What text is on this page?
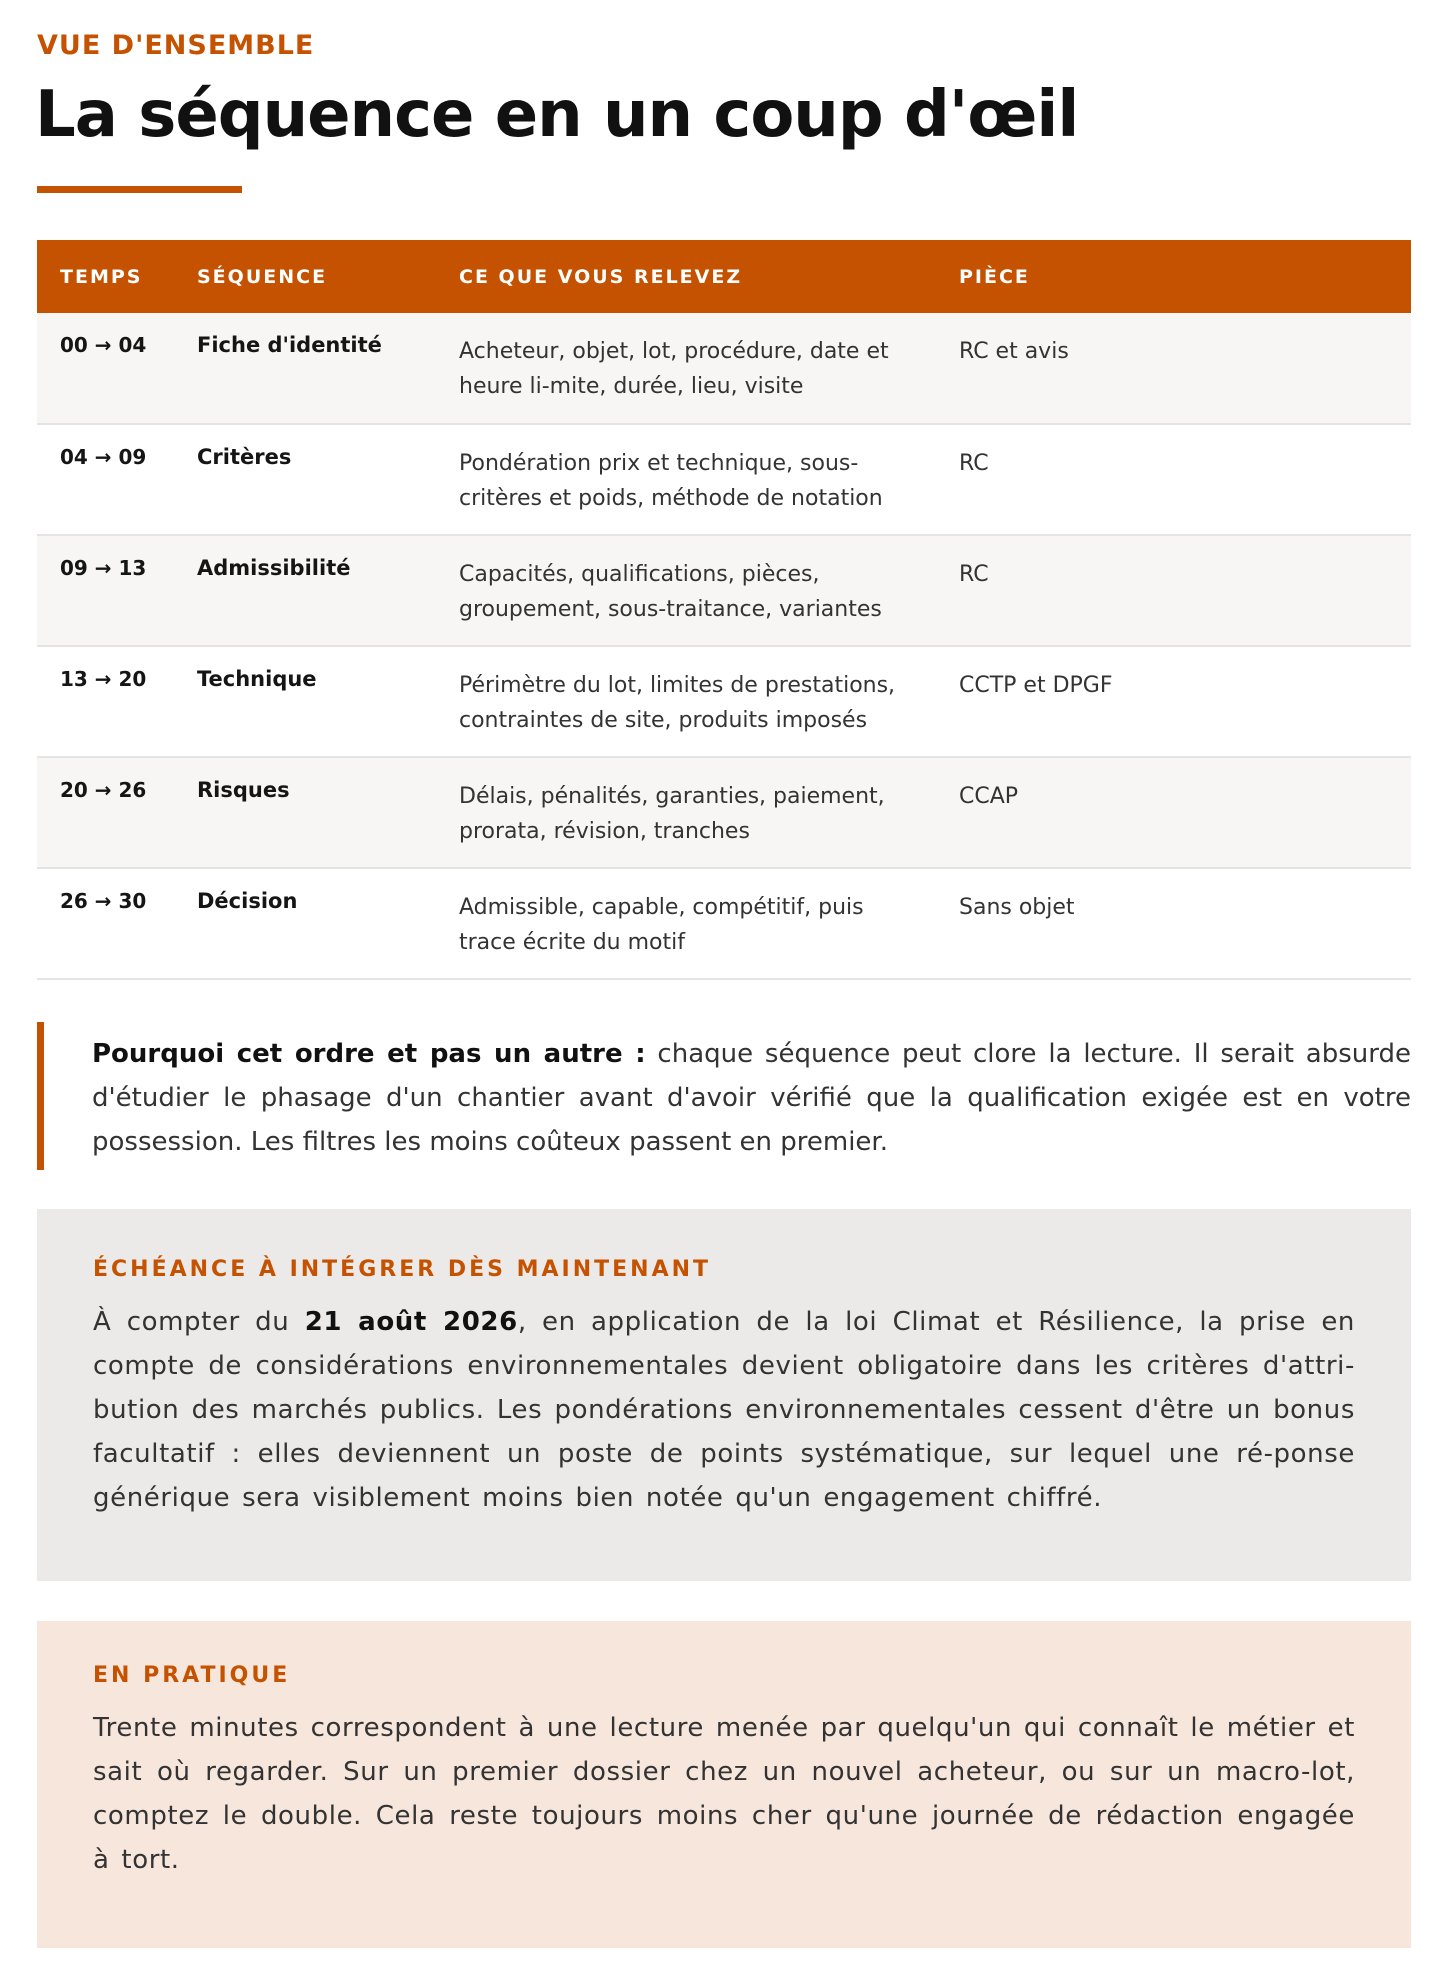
VUE D'ENSEMBLE
La séquence en un coup d'œil
TEMPS	SÉQUENCE	CE QUE VOUS RELEVEZ	PIÈCE

00 → 04	Fiche d'identité	Acheteur, objet, lot, procédure, date et heure li-mite, durée, lieu, visite	RC et avis

04 → 09	Critères	Pondération prix et technique, sous-critères et poids, méthode de notation	RC

09 → 13	Admissibilité	Capacités, qualifications, pièces, groupement, sous-traitance, variantes	RC

13 → 20	Technique	Périmètre du lot, limites de prestations, contraintes de site, produits imposés	CCTP et DPGF

20 → 26	Risques	Délais, pénalités, garanties, paiement, prorata, révision, tranches	CCAP

26 → 30	Décision	Admissible, capable, compétitif, puis trace écrite du motif	Sans objet
Pourquoi cet ordre et pas un autre : chaque séquence peut clore la lecture. Il serait absurde d'étudier le phasage d'un chantier avant d'avoir vérifié que la qualification exigée est en votre possession. Les filtres les moins coûteux passent en premier.
ÉCHÉANCE À INTÉGRER DÈS MAINTENANT
À compter du 21 août 2026, en application de la loi Climat et Résilience, la prise en compte de considérations environnementales devient obligatoire dans les critères d'attri-bution des marchés publics. Les pondérations environnementales cessent d'être un bonus facultatif : elles deviennent un poste de points systématique, sur lequel une ré-ponse générique sera visiblement moins bien notée qu'un engagement chiffré.
EN PRATIQUE
Trente minutes correspondent à une lecture menée par quelqu'un qui connaît le métier et sait où regarder. Sur un premier dossier chez un nouvel acheteur, ou sur un macro-lot, comptez le double. Cela reste toujours moins cher qu'une journée de rédaction engagée à tort.
